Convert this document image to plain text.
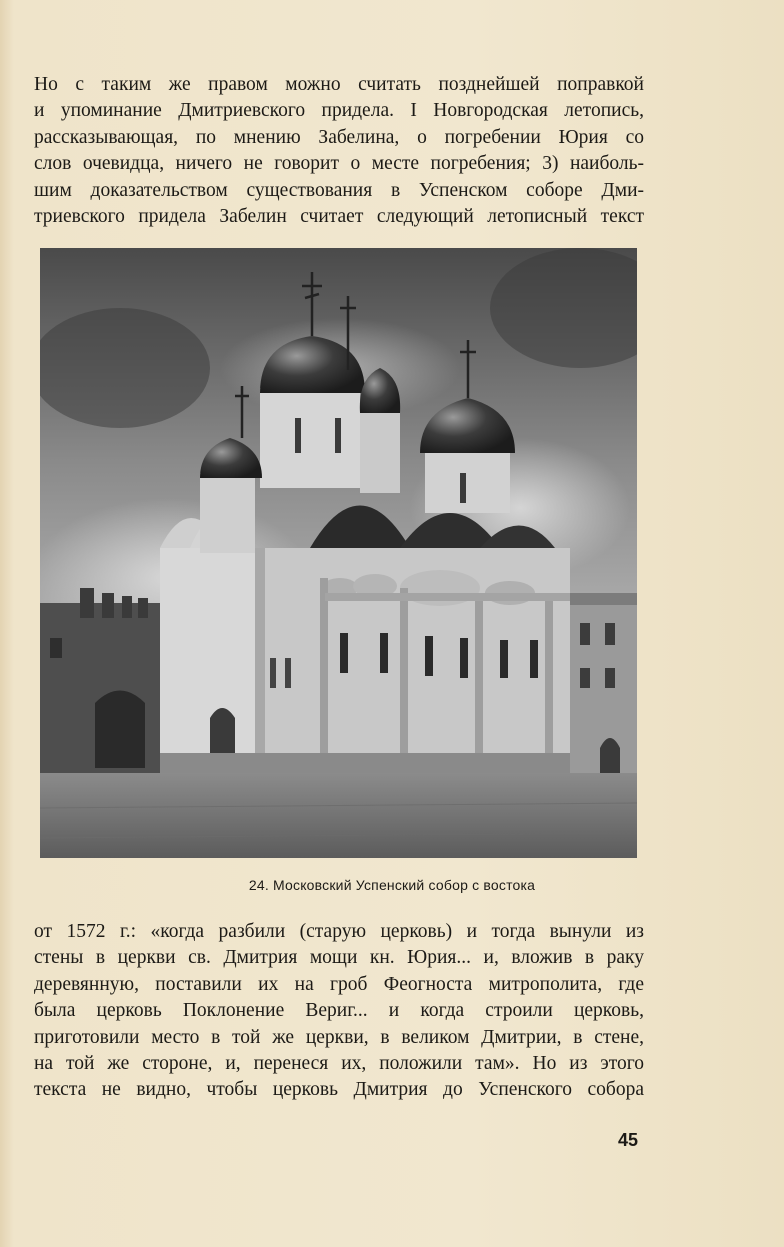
Но с таким же правом можно считать позднейшей поправкой
и упоминание Дмитриевского придела. I Новгородская летопись,
рассказывающая, по мнению Забелина, о погребении Юрия со
слов очевидца, ничего не говорит о месте погребения; 3) наиболь-
шим доказательством существования в Успенском соборе Дми-
триевского придела Забелин считает следующий летописный текст

24. Московский Успенский собор с востока

от 1572 г.: «когда разбили (старую церковь) и тогда вынули из
стены в церкви св. Дмитрия мощи кн. Юрия... и, вложив в раку
деревянную, поставили их на гроб Феогноста митрополита, где
была церковь Поклонение Вериг... и когда строили церковь,
приготовили место в той же церкви, в великом Дмитрии, в стене,
на той же стороне, и, перенеся их, положили там». Но из этого
текста не видно, чтобы церковь Дмитрия до Успенского собора

45
